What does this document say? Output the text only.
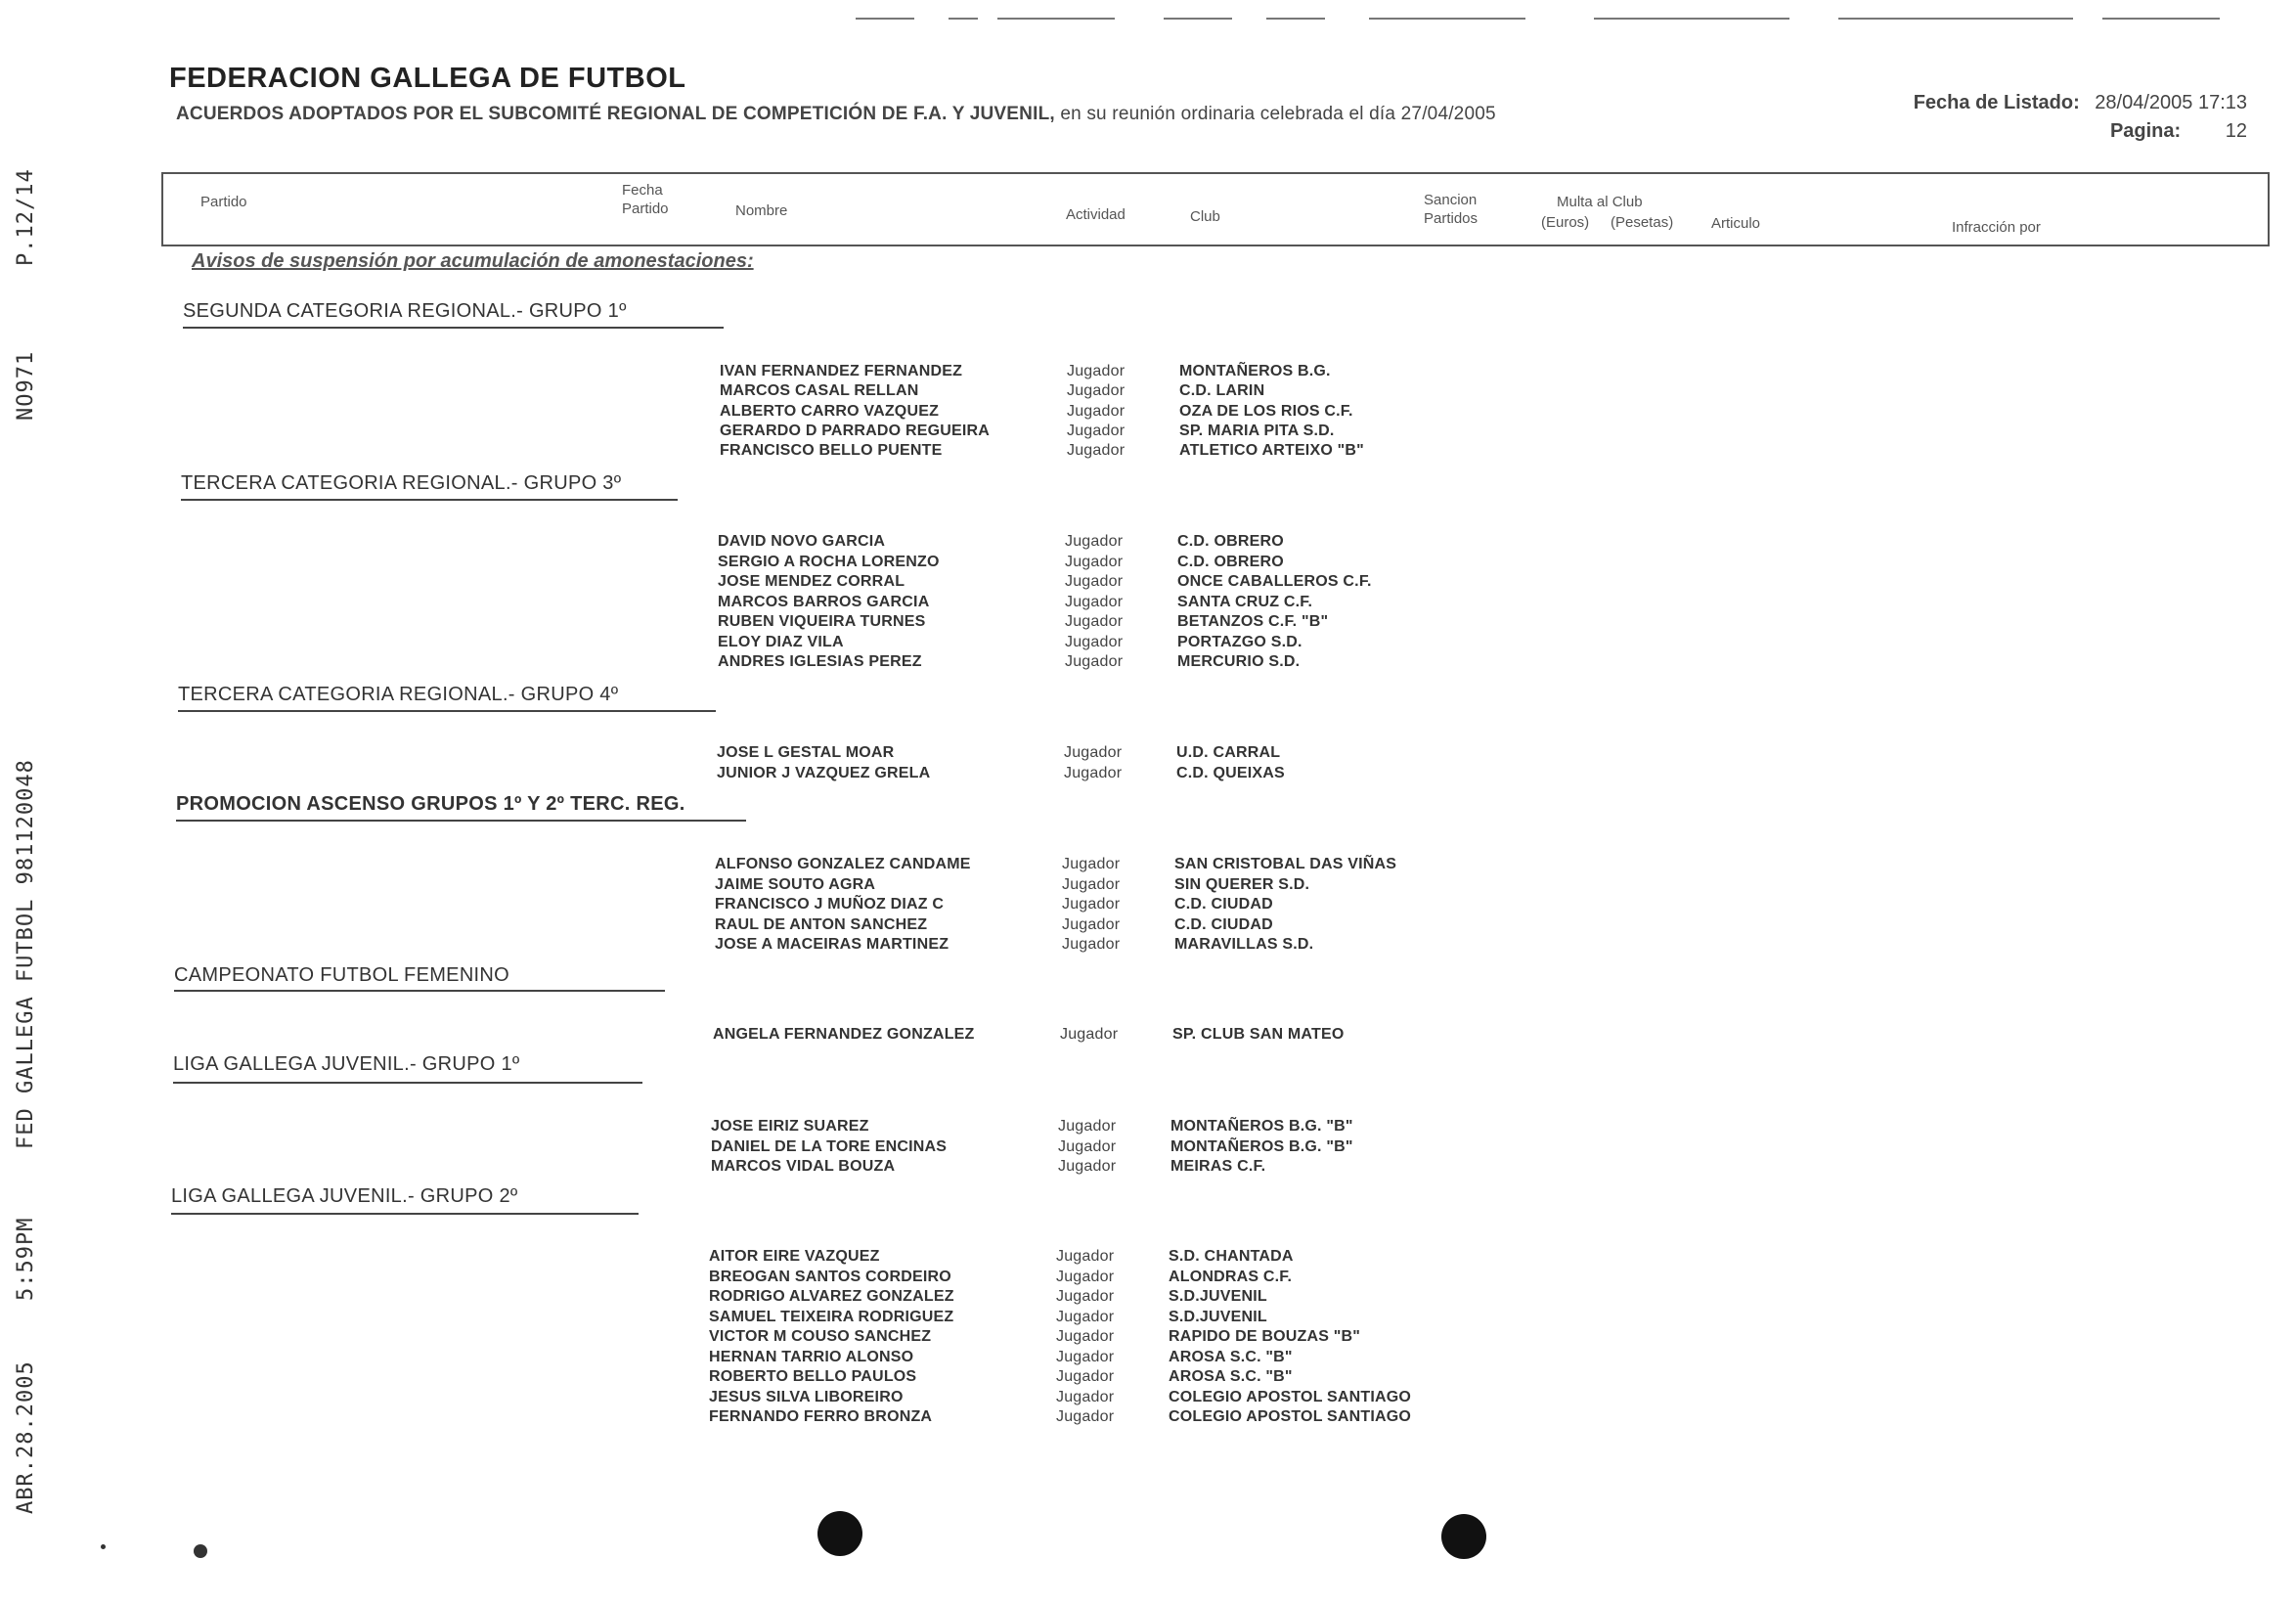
ABR.28.2005
5:59PM
FED GALLEGA FUTBOL 981120048
NO971
P.12/14
FEDERACION GALLEGA DE FUTBOL
ACUERDOS ADOPTADOS POR EL SUBCOMITÉ REGIONAL DE COMPETICIÓN DE F.A. Y JUVENIL, en su reunión ordinaria celebrada el día 27/04/2005
Fecha de Listado: 28/04/2005 17:13
Pagina: 12
Partido
Fecha Partido	Nombre	Actividad	Club
Sancion Partidos
Multa al Club
(Euros) (Pesetas)	Articulo	Infracción por
Avisos de suspensión por acumulación de amonestaciones:
SEGUNDA CATEGORIA REGIONAL.- GRUPO 1º
IVAN FERNANDEZ FERNANDEZ	Jugador	MONTAÑEROS B.G.
MARCOS CASAL RELLAN	Jugador	C.D. LARIN
ALBERTO CARRO VAZQUEZ	Jugador	OZA DE LOS RIOS C.F.
GERARDO D PARRADO REGUEIRA	Jugador	SP. MARIA PITA S.D.
FRANCISCO BELLO PUENTE	Jugador	ATLETICO ARTEIXO "B"
TERCERA CATEGORIA REGIONAL.- GRUPO 3º
DAVID NOVO GARCIA	Jugador	C.D. OBRERO
SERGIO A ROCHA LORENZO	Jugador	C.D. OBRERO
JOSE MENDEZ CORRAL	Jugador	ONCE CABALLEROS C.F.
MARCOS BARROS GARCIA	Jugador	SANTA CRUZ C.F.
RUBEN VIQUEIRA TURNES	Jugador	BETANZOS C.F. "B"
ELOY DIAZ VILA	Jugador	PORTAZGO S.D.
ANDRES IGLESIAS PEREZ	Jugador	MERCURIO S.D.
TERCERA CATEGORIA REGIONAL.- GRUPO 4º
JOSE L GESTAL MOAR	Jugador	U.D. CARRAL
JUNIOR J VAZQUEZ GRELA	Jugador	C.D. QUEIXAS
PROMOCION ASCENSO GRUPOS 1º Y 2º TERC. REG.
ALFONSO GONZALEZ CANDAME	Jugador	SAN CRISTOBAL DAS VIÑAS
JAIME SOUTO AGRA	Jugador	SIN QUERER S.D.
FRANCISCO J MUÑOZ DIAZ C	Jugador	C.D. CIUDAD
RAUL DE ANTON SANCHEZ	Jugador	C.D. CIUDAD
JOSE A MACEIRAS MARTINEZ	Jugador	MARAVILLAS S.D.
CAMPEONATO FUTBOL FEMENINO
ANGELA FERNANDEZ GONZALEZ	Jugador	SP. CLUB SAN MATEO
LIGA GALLEGA JUVENIL.- GRUPO 1º
JOSE EIRIZ SUAREZ	Jugador	MONTAÑEROS B.G. "B"
DANIEL DE LA TORE ENCINAS	Jugador	MONTAÑEROS B.G. "B"
MARCOS VIDAL BOUZA	Jugador	MEIRAS C.F.
LIGA GALLEGA JUVENIL.- GRUPO 2º
AITOR EIRE VAZQUEZ	Jugador	S.D. CHANTADA
BREOGAN SANTOS CORDEIRO	Jugador	ALONDRAS C.F.
RODRIGO ALVAREZ GONZALEZ	Jugador	S.D.JUVENIL
SAMUEL TEIXEIRA RODRIGUEZ	Jugador	S.D.JUVENIL
VICTOR M COUSO SANCHEZ	Jugador	RAPIDO DE BOUZAS "B"
HERNAN TARRIO ALONSO	Jugador	AROSA S.C. "B"
ROBERTO BELLO PAULOS	Jugador	AROSA S.C. "B"
JESUS SILVA LIBOREIRO	Jugador	COLEGIO APOSTOL SANTIAGO
FERNANDO FERRO BRONZA	Jugador	COLEGIO APOSTOL SANTIAGO
